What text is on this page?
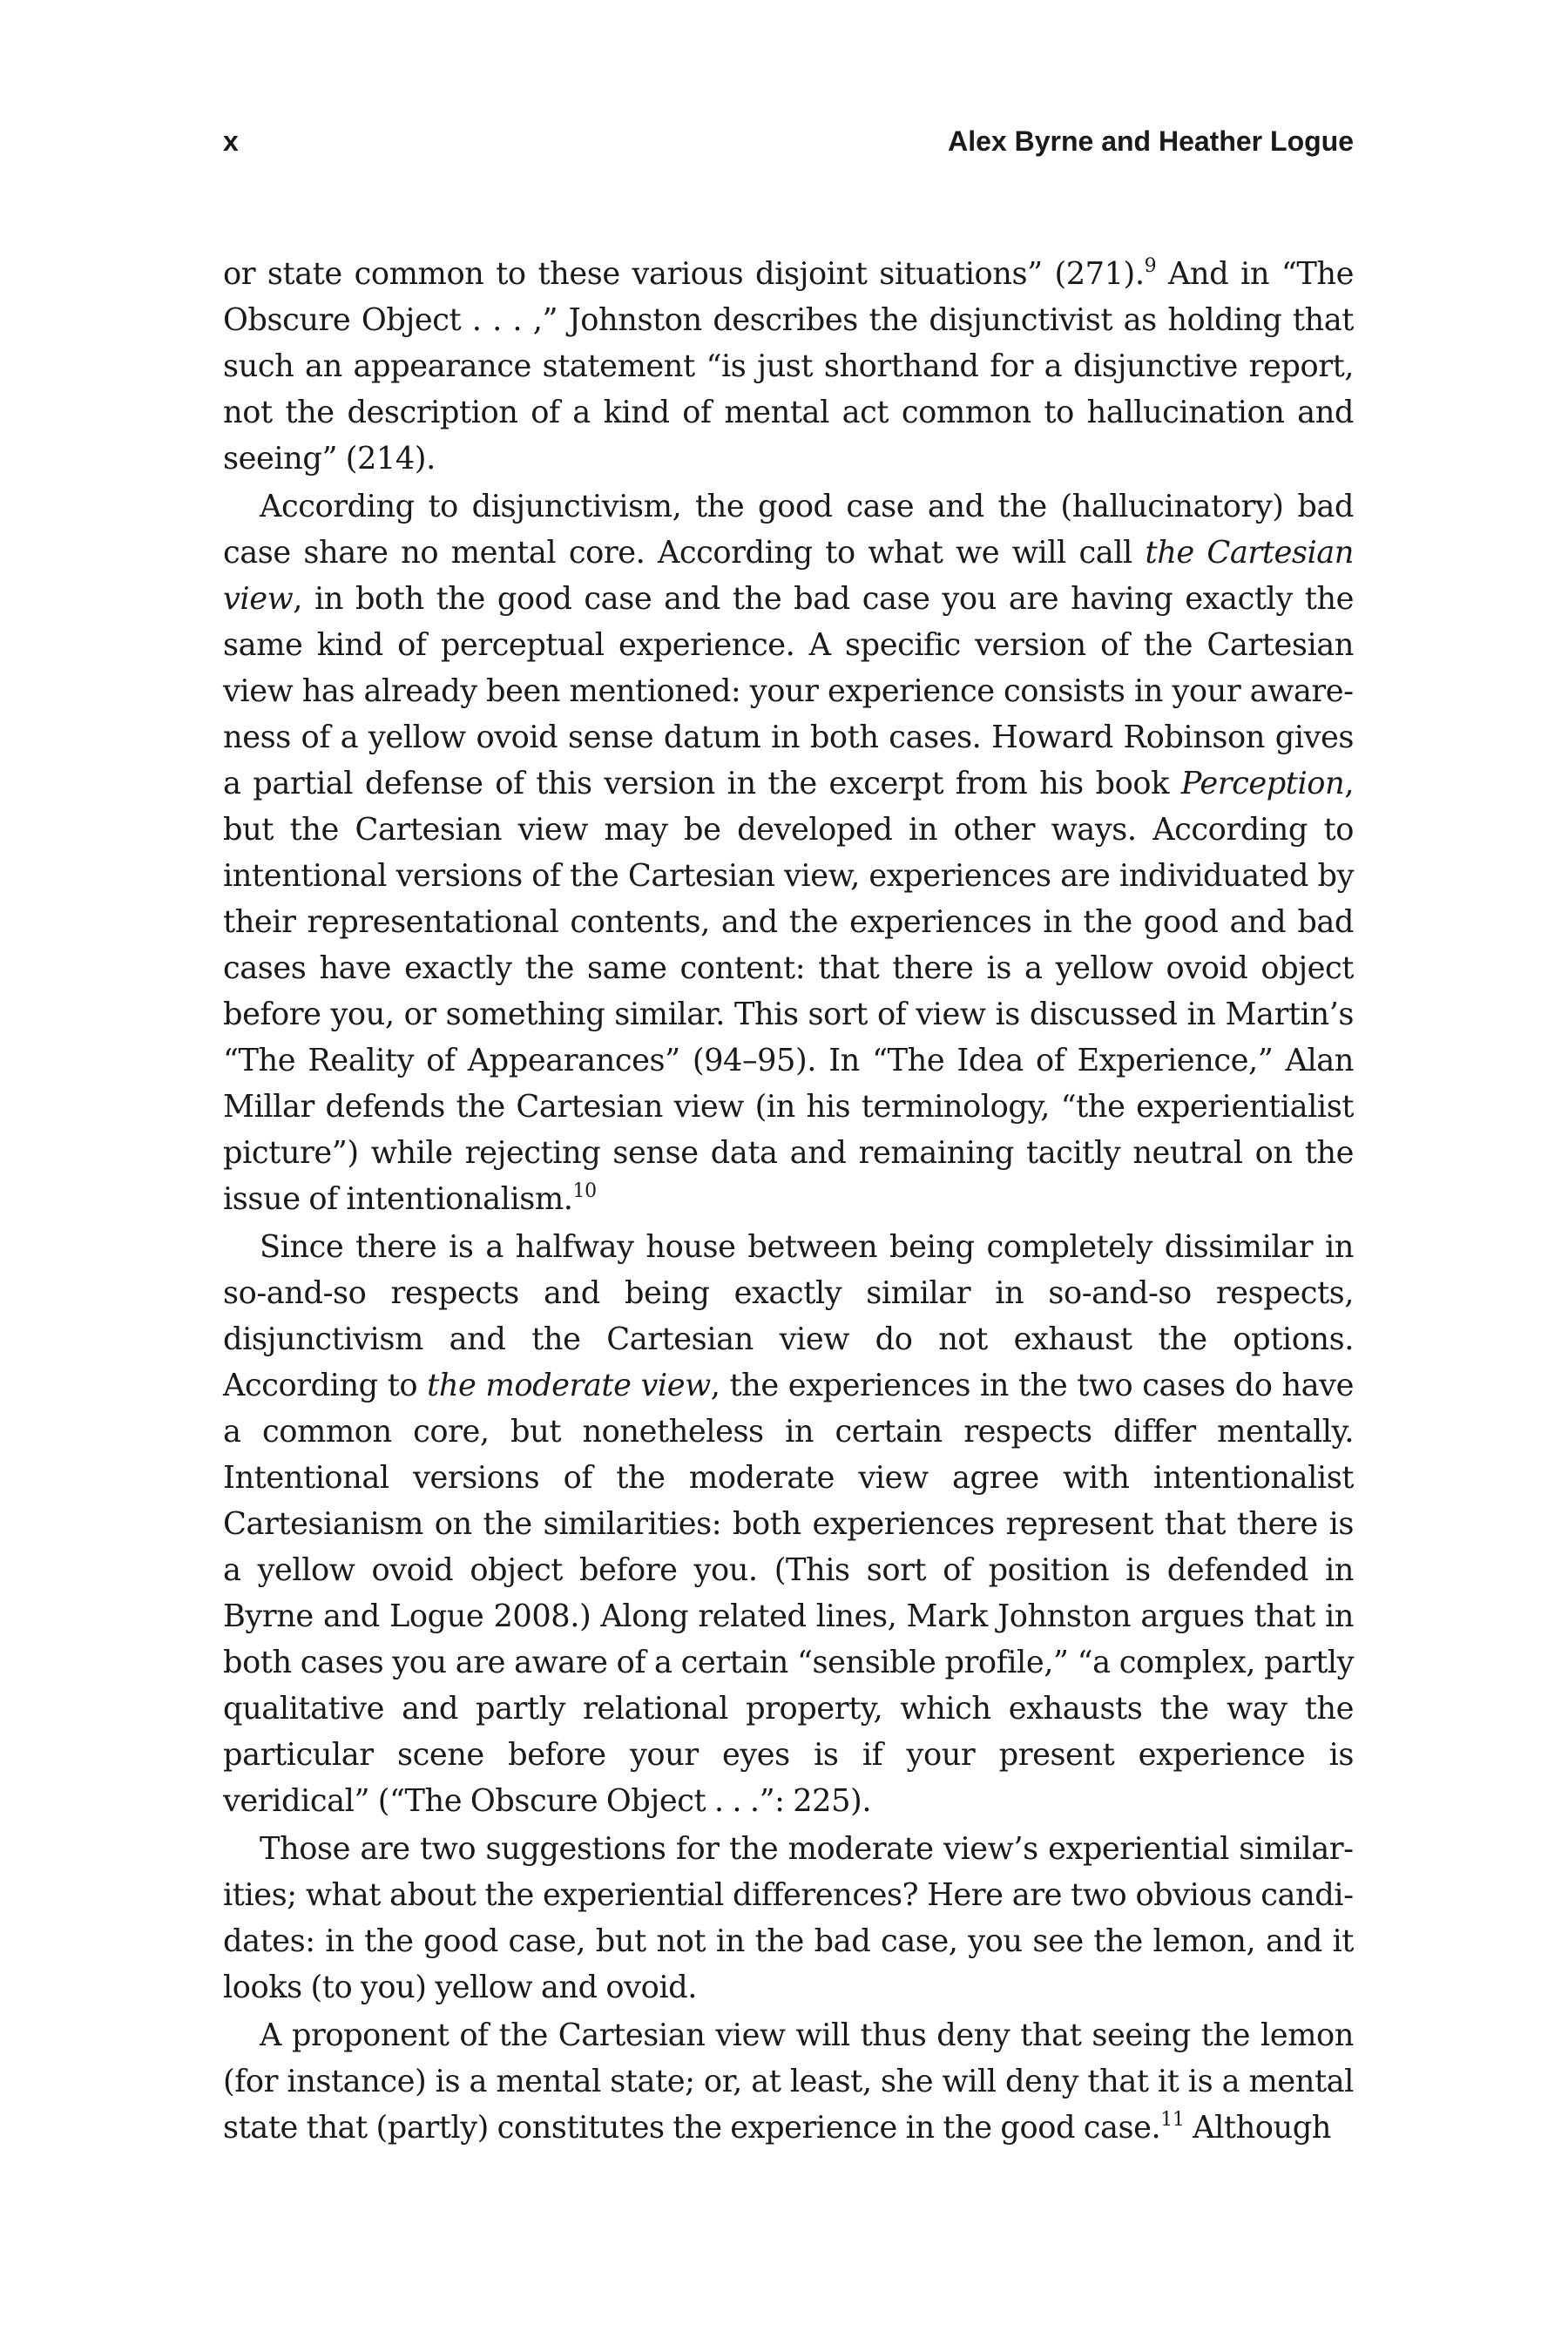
x	Alex Byrne and Heather Logue

or state common to these various disjoint situations” (271).$^9$ And in “The Obscure Object . . . ,” Johnston describes the disjunctivist as holding that such an appearance statement “is just shorthand for a disjunctive report, not the description of a kind of mental act common to hallucination and seeing” (214).

According to disjunctivism, the good case and the (hallucinatory) bad case share no mental core. According to what we will call the Cartesian view, in both the good case and the bad case you are having exactly the same kind of perceptual experience. A specific version of the Cartesian view has already been mentioned: your experience consists in your awareness of a yellow ovoid sense datum in both cases. Howard Robinson gives a partial defense of this version in the excerpt from his book Perception, but the Cartesian view may be developed in other ways. According to intentional versions of the Cartesian view, experiences are individuated by their representational contents, and the experiences in the good and bad cases have exactly the same content: that there is a yellow ovoid object before you, or something similar. This sort of view is discussed in Martin’s “The Reality of Appearances” (94–95). In “The Idea of Experience,” Alan Millar defends the Cartesian view (in his terminology, “the experientialist picture”) while rejecting sense data and remaining tacitly neutral on the issue of intentionalism.$^{10}$

Since there is a halfway house between being completely dissimilar in so-and-so respects and being exactly similar in so-and-so respects, disjunctivism and the Cartesian view do not exhaust the options. According to the moderate view, the experiences in the two cases do have a common core, but nonetheless in certain respects differ mentally. Intentional versions of the moderate view agree with intentionalist Cartesianism on the similarities: both experiences represent that there is a yellow ovoid object before you. (This sort of position is defended in Byrne and Logue 2008.) Along related lines, Mark Johnston argues that in both cases you are aware of a certain “sensible profile,” “a complex, partly qualitative and partly relational property, which exhausts the way the particular scene before your eyes is if your present experience is veridical” (“The Obscure Object . . .”: 225).

Those are two suggestions for the moderate view’s experiential similarities; what about the experiential differences? Here are two obvious candidates: in the good case, but not in the bad case, you see the lemon, and it looks (to you) yellow and ovoid.

A proponent of the Cartesian view will thus deny that seeing the lemon (for instance) is a mental state; or, at least, she will deny that it is a mental state that (partly) constitutes the experience in the good case.$^{11}$ Although
